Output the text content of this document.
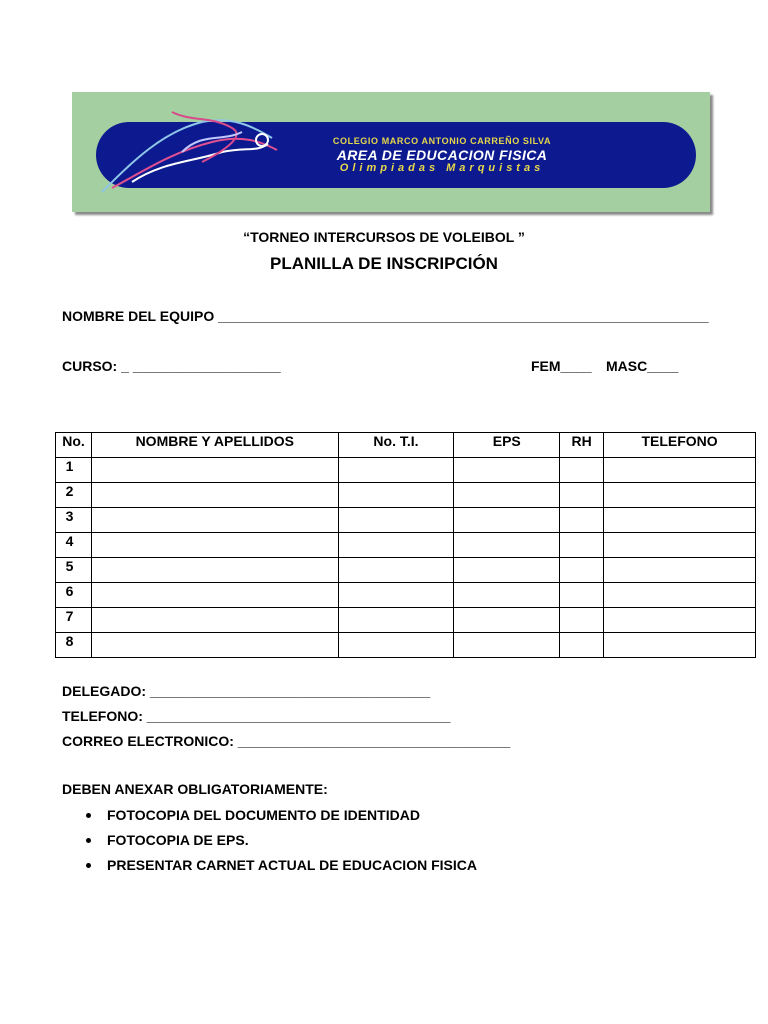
COLEGIO MARCO ANTONIO CARREÑO SILVA
AREA DE EDUCACION FISICA
Olimpiadas Marquistas
“TORNEO INTERCURSOS DE VOLEIBOL ”
PLANILLA DE INSCRIPCIÓN
NOMBRE DEL EQUIPO _______________________________________________________________
CURSO: _ ___________________	FEM____ MASC____
No.	NOMBRE Y APELLIDOS	No. T.I.	EPS	RH	TELEFONO
1					
2					
3					
4					
5					
6					
7					
8					
DELEGADO: ____________________________________
TELEFONO: _______________________________________
CORREO ELECTRONICO: ___________________________________
DEBEN ANEXAR OBLIGATORIAMENTE:
FOTOCOPIA DEL DOCUMENTO DE IDENTIDAD
FOTOCOPIA DE EPS.
PRESENTAR CARNET ACTUAL DE EDUCACION FISICA
